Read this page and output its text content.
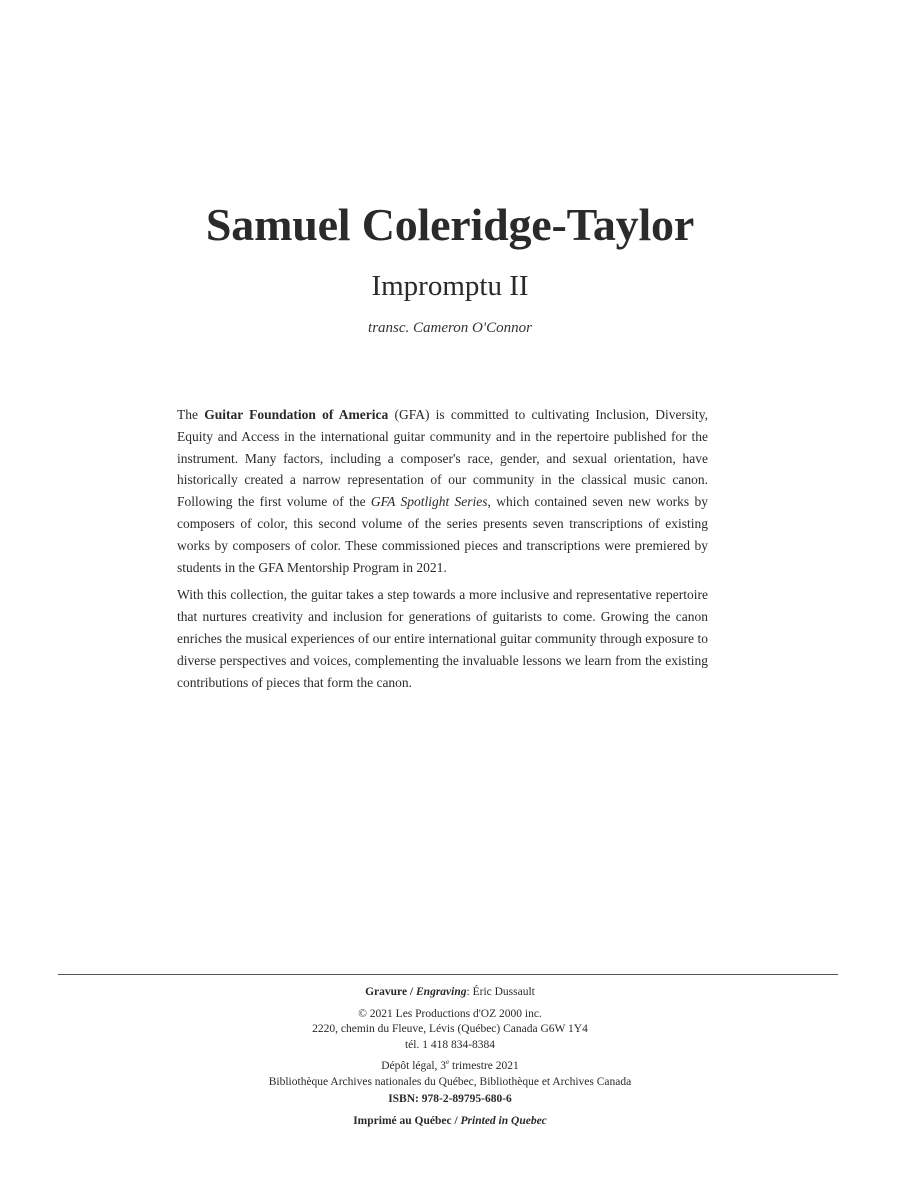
Samuel Coleridge-Taylor
Impromptu II
transc. Cameron O'Connor

The Guitar Foundation of America (GFA) is committed to cultivating Inclusion, Diversity, Equity and Access in the international guitar community and in the repertoire published for the instrument. Many factors, including a composer's race, gender, and sexual orientation, have historically created a narrow representation of our community in the classical music canon. Following the first volume of the GFA Spotlight Series, which contained seven new works by composers of color, this second volume of the series presents seven transcriptions of existing works by composers of color. These commissioned pieces and transcriptions were premiered by students in the GFA Mentorship Program in 2021.

With this collection, the guitar takes a step towards a more inclusive and representative repertoire that nurtures creativity and inclusion for generations of guitarists to come. Growing the canon enriches the musical experiences of our entire international guitar community through exposure to diverse perspectives and voices, complementing the invaluable lessons we learn from the existing contributions of pieces that form the canon.

Gravure / Engraving: Éric Dussault
© 2021 Les Productions d'OZ 2000 inc.
2220, chemin du Fleuve, Lévis (Québec) Canada G6W 1Y4
tél. 1 418 834-8384
Dépôt légal, 3e trimestre 2021
Bibliothèque Archives nationales du Québec, Bibliothèque et Archives Canada
ISBN: 978-2-89795-680-6
Imprimé au Québec / Printed in Quebec
